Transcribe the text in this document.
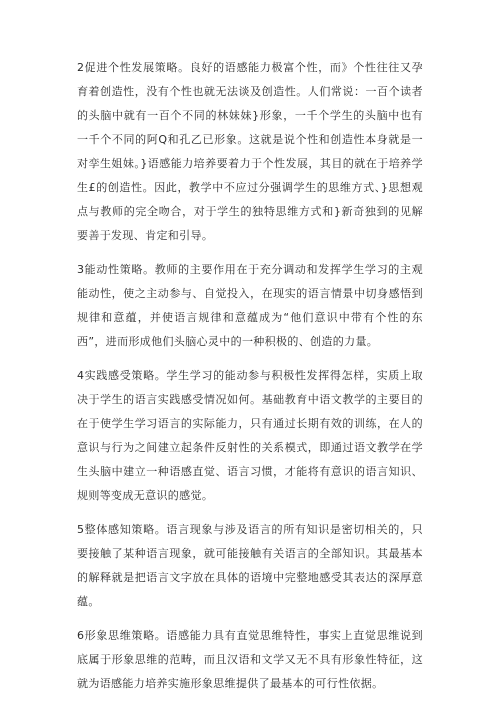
2促进个性发展策略。良好的语感能力极富个性，而》个性往往又孕育着创造性，没有个性也就无法谈及创造性。人们常说：一百个读者的头脑中就有一百个不同的林妹妹}形象，一千个学生的头脑中也有一千个不同的阿Q和孔乙已形象。这就是说个性和创造性本身就是一对孪生姐妹。}语感能力培养要着力于个性发展，其目的就在于培养学生£的创造性。因此，教学中不应过分强调学生的思维方式、}思想观点与教师的完全吻合，对于学生的独特思维方式和}新奇独到的见解要善于发现、肯定和引导。

3能动性策略。教师的主要作用在于充分调动和发挥学生学习的主观能动性，使之主动参与、自觉投入，在现实的语言情景中切身感悟到规律和意蕴，并使语言规律和意蕴成为“他们意识中带有个性的东西”，进而形成他们头脑心灵中的一种积极的、创造的力量。

4实践感受策略。学生学习的能动参与积极性发挥得怎样，实质上取决于学生的语言实践感受情况如何。基础教育中语文教学的主要目的在于使学生学习语言的实际能力，只有通过长期有效的训练，在人的意识与行为之间建立起条件反射性的关系模式，即通过语文教学在学生头脑中建立一种语感直觉、语言习惯，才能将有意识的语言知识、规则等变成无意识的感觉。

5整体感知策略。语言现象与涉及语言的所有知识是密切相关的，只要接触了某种语言现象，就可能接触有关语言的全部知识。其最基本的解释就是把语言文字放在具体的语境中完整地感受其表达的深厚意蕴。

6形象思维策略。语感能力具有直觉思维特性，事实上直觉思维说到底属于形象思维的范畴，而且汉语和文学又无不具有形象性特征，这就为语感能力培养实施形象思维提供了最基本的可行性依据。
